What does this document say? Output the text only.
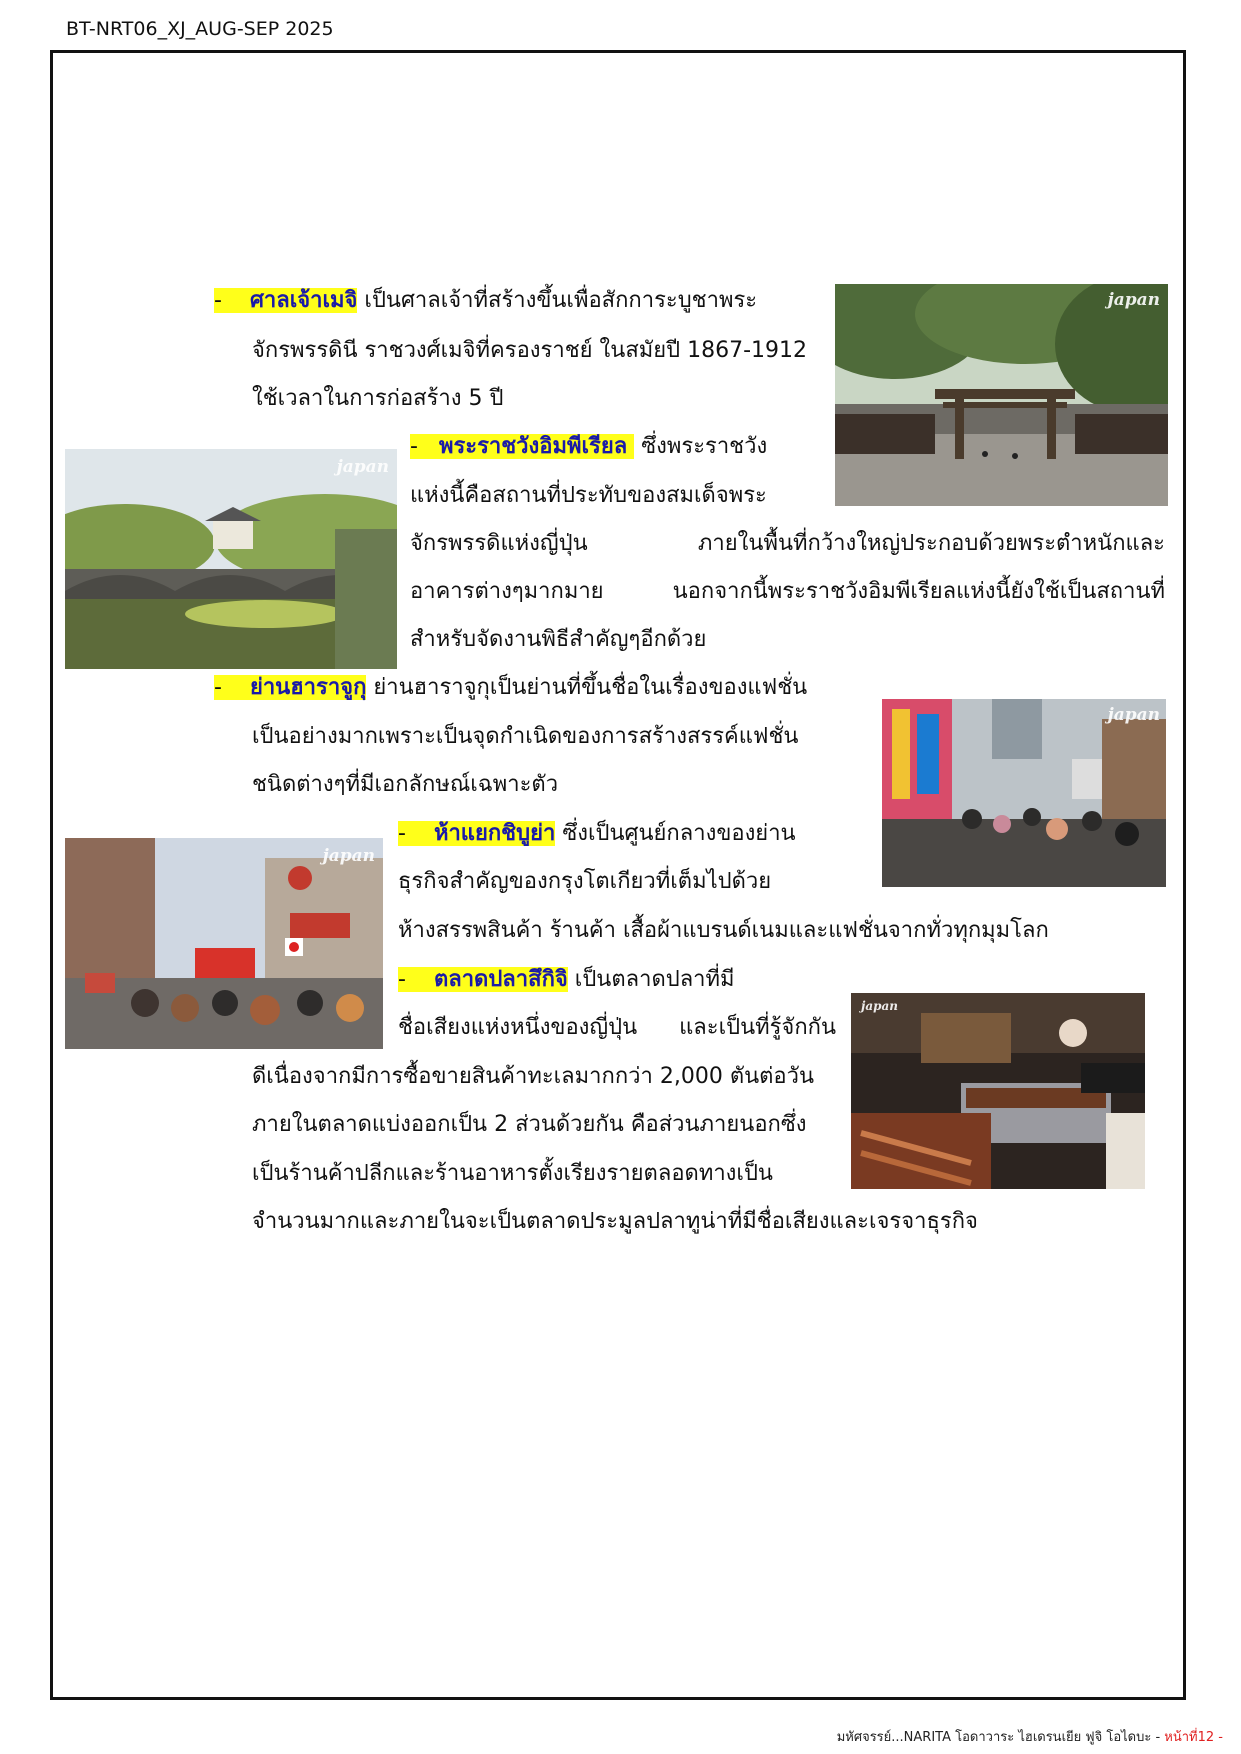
BT-NRT06_XJ_AUG-SEP 2025
- ศาลเจ้าเมจิ เป็นศาลเจ้าที่สร้างขึ้นเพื่อสักการะบูชาพระ
จักรพรรดินี ราชวงศ์เมจิที่ครองราชย์ ในสมัยปี 1867-1912
ใช้เวลาในการก่อสร้าง 5 ปี
- พระราชวังอิมพีเรียล ซึ่งพระราชวัง
แห่งนี้คือสถานที่ประทับของสมเด็จพระ
จักรพรรดิแห่งญี่ปุ่น ภายในพื้นที่กว้างใหญ่ประกอบด้วยพระตำหนักและ
อาคารต่างๆมากมาย นอกจากนี้พระราชวังอิมพีเรียลแห่งนี้ยังใช้เป็นสถานที่
สำหรับจัดงานพิธีสำคัญๆอีกด้วย
- ย่านฮาราจูกุ ย่านฮาราจูกุเป็นย่านที่ขึ้นชื่อในเรื่องของแฟชั่น
เป็นอย่างมากเพราะเป็นจุดกำเนิดของการสร้างสรรค์แฟชั่น
ชนิดต่างๆที่มีเอกลักษณ์เฉพาะตัว
- ห้าแยกชิบูย่า ซึ่งเป็นศูนย์กลางของย่าน
ธุรกิจสำคัญของกรุงโตเกียวที่เต็มไปด้วย
ห้างสรรพสินค้า ร้านค้า เสื้อผ้าแบรนด์เนมและแฟชั่นจากทั่วทุกมุมโลก
- ตลาดปลาสึกิจิ เป็นตลาดปลาที่มี
ชื่อเสียงแห่งหนึ่งของญี่ปุ่น และเป็นที่รู้จักกัน
ดีเนื่องจากมีการซื้อขายสินค้าทะเลมากกว่า 2,000 ตันต่อวัน
ภายในตลาดแบ่งออกเป็น 2 ส่วนด้วยกัน คือส่วนภายนอกซึ่ง
เป็นร้านค้าปลีกและร้านอาหารตั้งเรียงรายตลอดทางเป็น
จำนวนมากและภายในจะเป็นตลาดประมูลปลาทูน่าที่มีชื่อเสียงและเจรจาธุรกิจ
japan
japan
japan
japan
japan
มหัศจรรย์...NARITA โอดาวาระ ไฮเดรนเยีย ฟูจิ โอไดบะ - หน้าที่12 -
